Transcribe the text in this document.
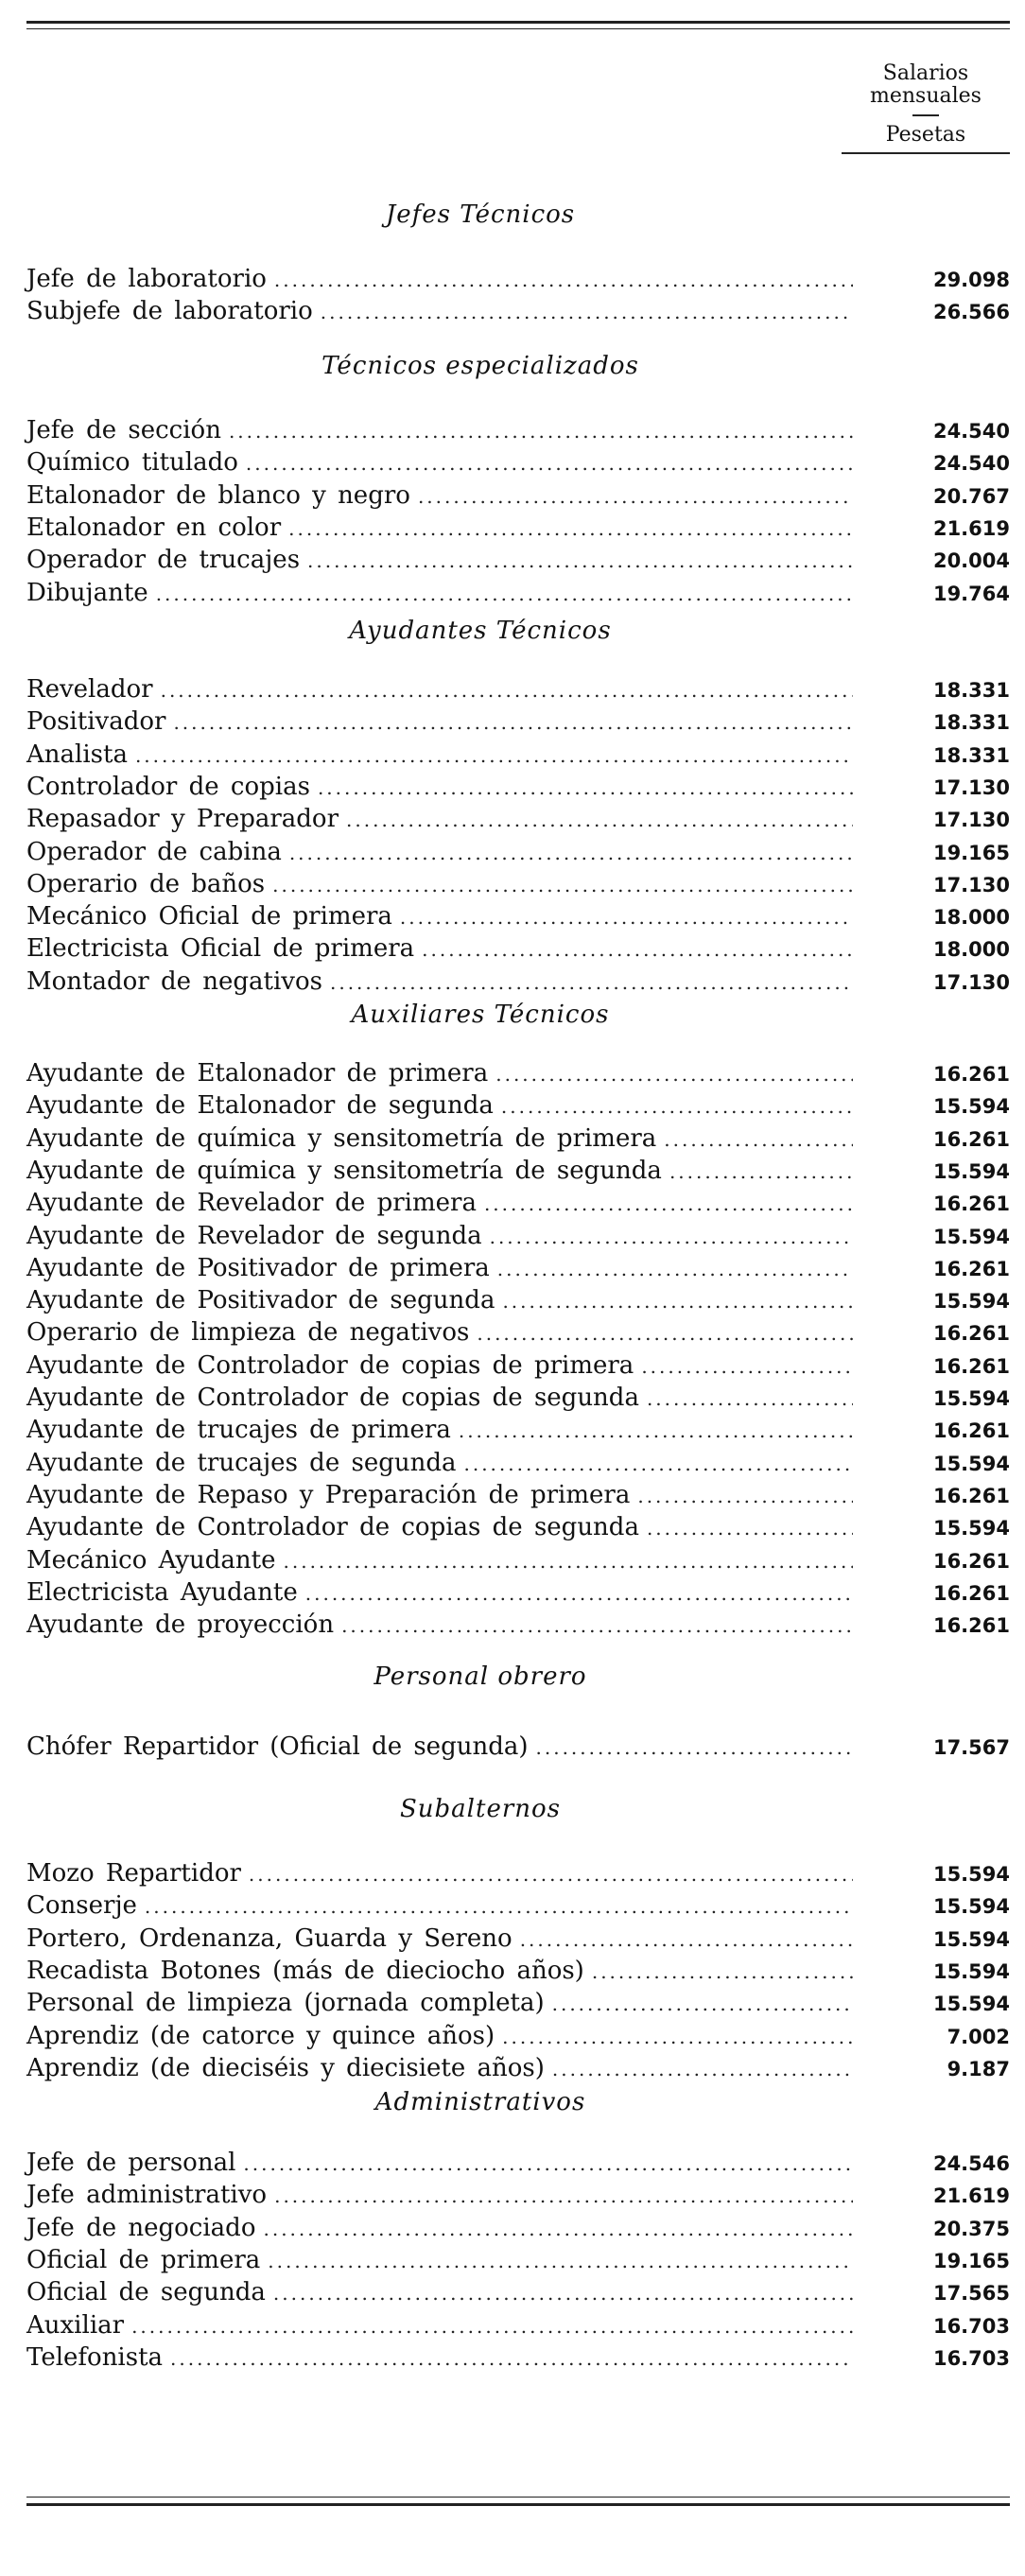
Salarios
mensuales
Pesetas
Jefes Técnicos
Jefe de laboratorio .....	29.098
Subjefe de laboratorio .....	26.566
Técnicos especializados
Jefe de sección .....	24.540
Químico titulado .....	24.540
Etalonador de blanco y negro .....	20.767
Etalonador en color .....	21.619
Operador de trucajes .....	20.004
Dibujante .....	19.764
Ayudantes Técnicos
Revelador .....	18.331
Positivador .....	18.331
Analista .....	18.331
Controlador de copias .....	17.130
Repasador y Preparador .....	17.130
Operador de cabina .....	19.165
Operario de baños .....	17.130
Mecánico Oficial de primera .....	18.000
Electricista Oficial de primera .....	18.000
Montador de negativos .....	17.130
Auxiliares Técnicos
Ayudante de Etalonador de primera .....	16.261
Ayudante de Etalonador de segunda .....	15.594
Ayudante de química y sensitometría de primera .....	16.261
Ayudante de química y sensitometría de segunda .....	15.594
Ayudante de Revelador de primera .....	16.261
Ayudante de Revelador de segunda .....	15.594
Ayudante de Positivador de primera .....	16.261
Ayudante de Positivador de segunda .....	15.594
Operario de limpieza de negativos .....	16.261
Ayudante de Controlador de copias de primera .....	16.261
Ayudante de Controlador de copias de segunda .....	15.594
Ayudante de trucajes de primera .....	16.261
Ayudante de trucajes de segunda .....	15.594
Ayudante de Repaso y Preparación de primera .....	16.261
Ayudante de Controlador de copias de segunda .....	15.594
Mecánico Ayudante .....	16.261
Electricista Ayudante .....	16.261
Ayudante de proyección .....	16.261
Personal obrero
Chófer Repartidor (Oficial de segunda) .....	17.567
Subalternos
Mozo Repartidor .....	15.594
Conserje .....	15.594
Portero, Ordenanza, Guarda y Sereno .....	15.594
Recadista Botones (más de dieciocho años) .....	15.594
Personal de limpieza (jornada completa) .....	15.594
Aprendiz (de catorce y quince años) .....	7.002
Aprendiz (de dieciséis y diecisiete años) .....	9.187
Administrativos
Jefe de personal .....	24.546
Jefe administrativo .....	21.619
Jefe de negociado .....	20.375
Oficial de primera .....	19.165
Oficial de segunda .....	17.565
Auxiliar .....	16.703
Telefonista .....	16.703
